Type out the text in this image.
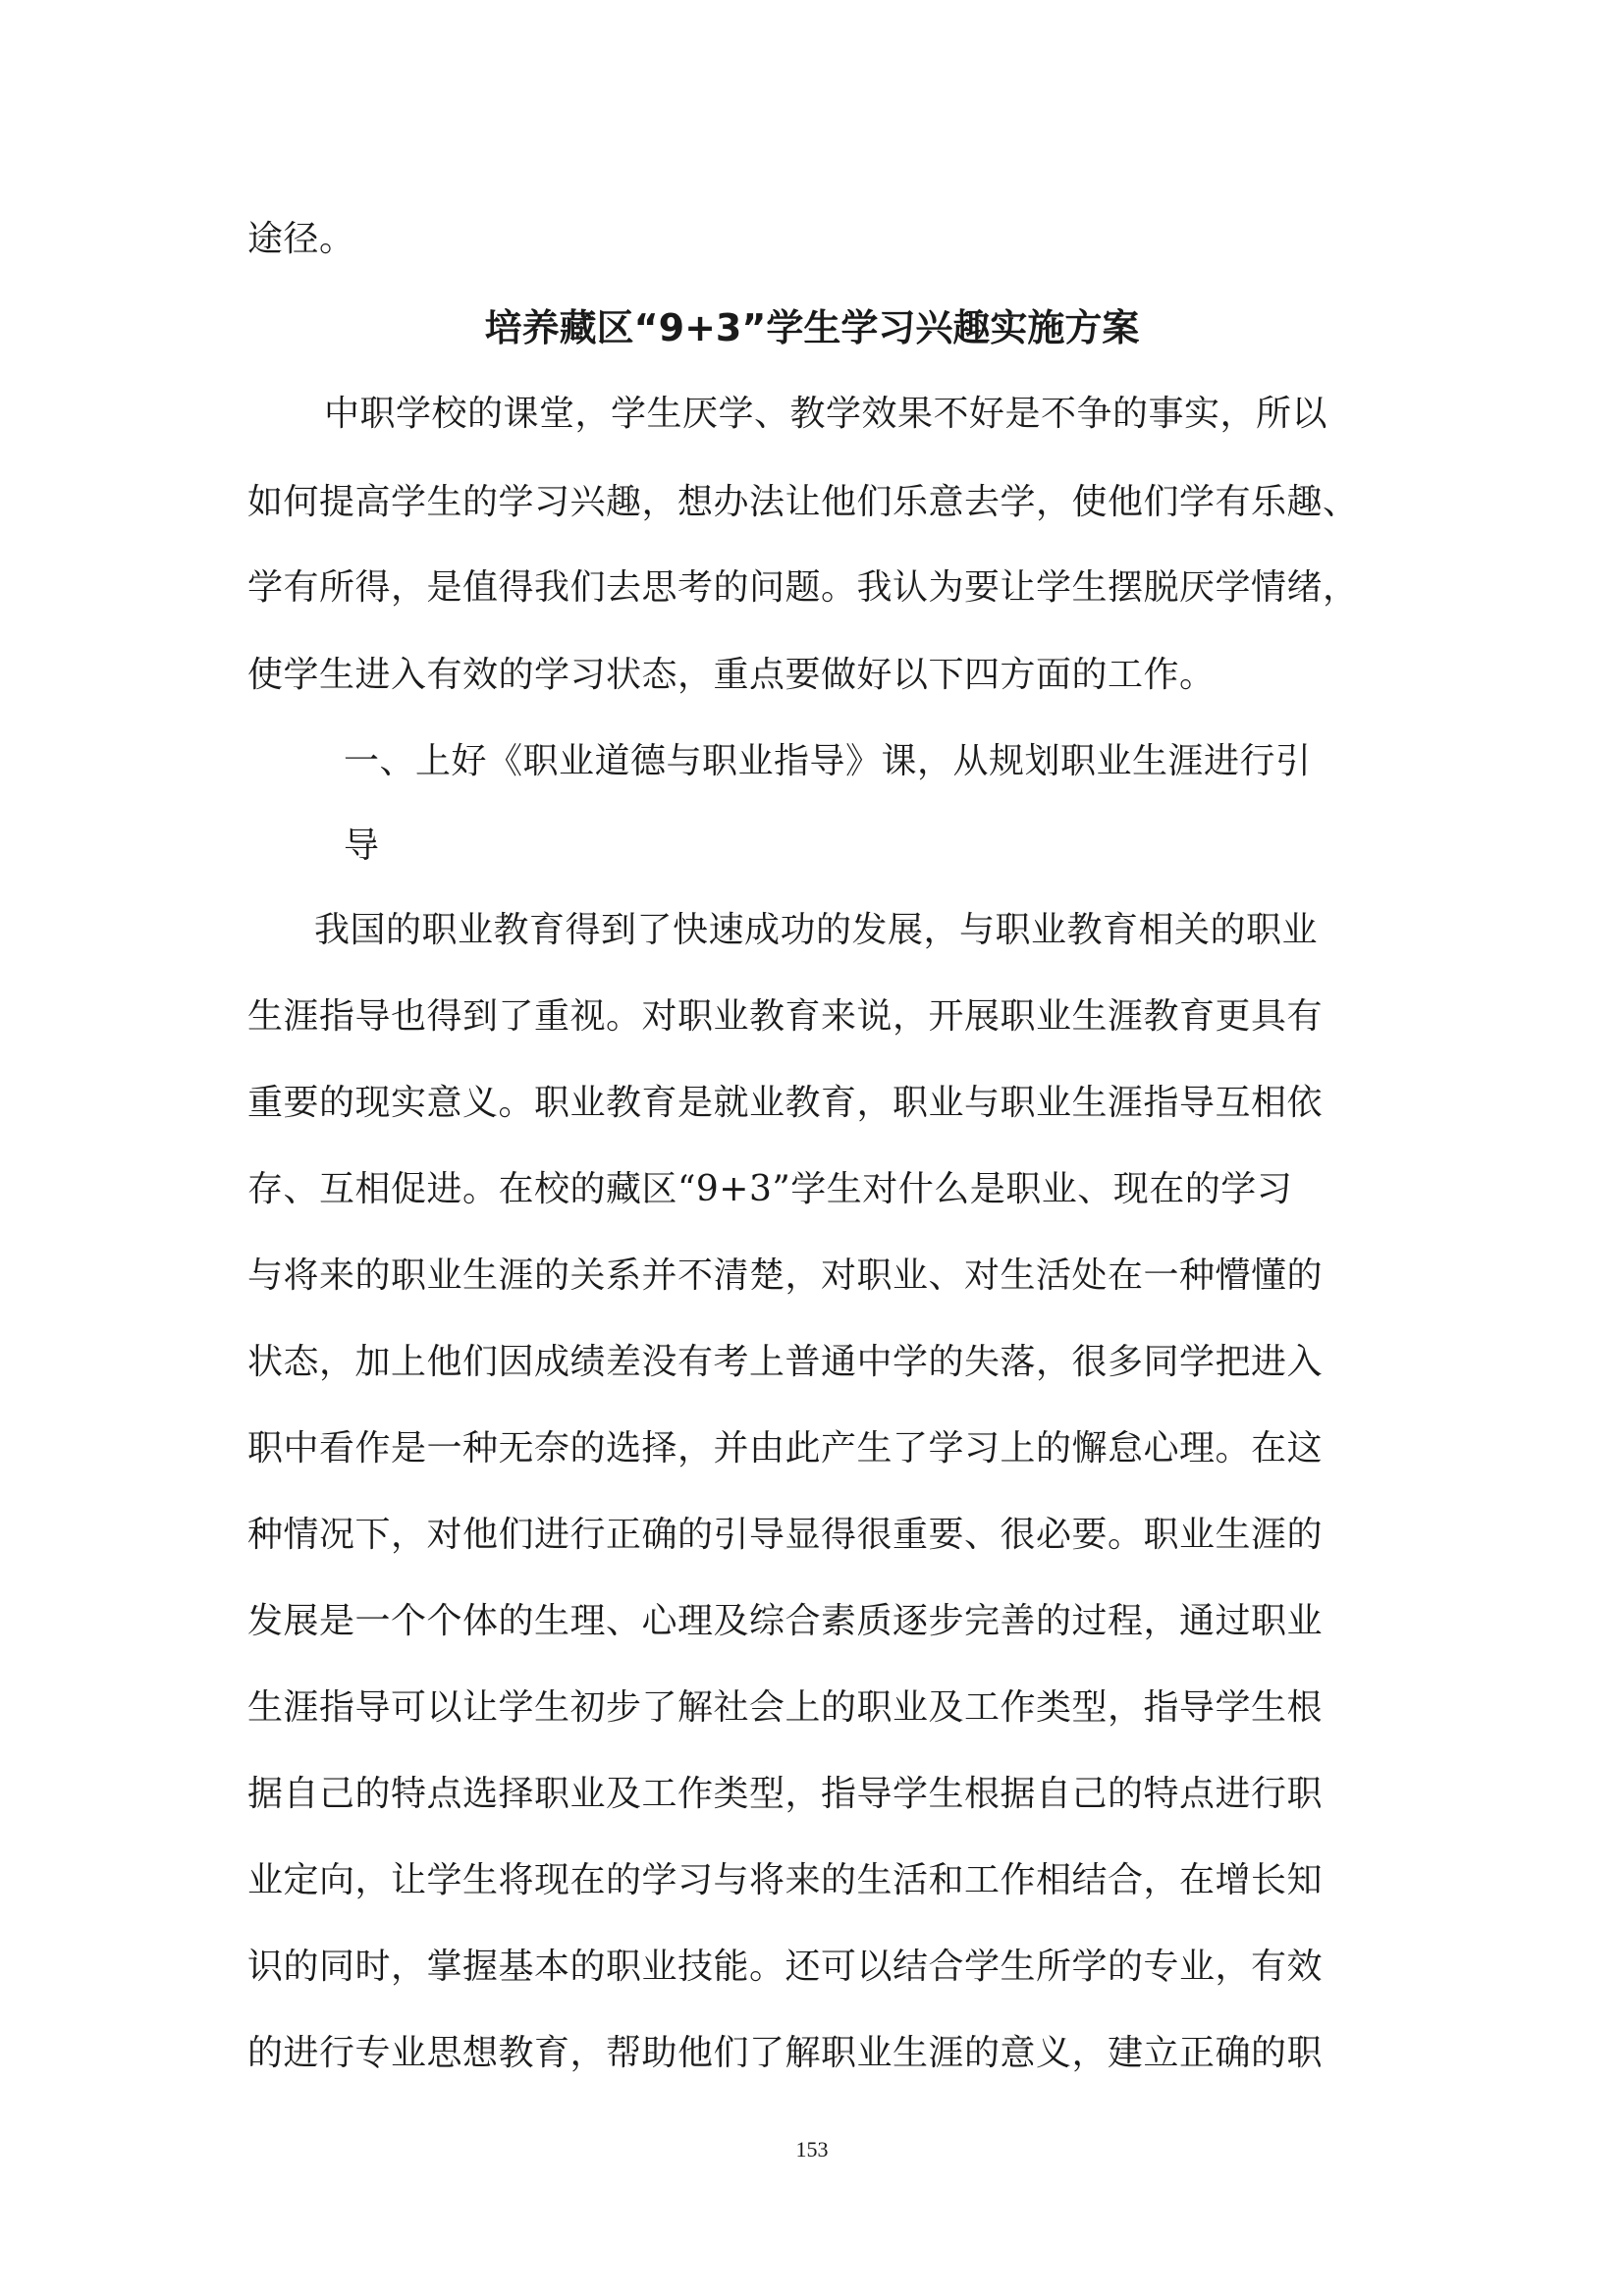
途径。
培养藏区“9+3”学生学习兴趣实施方案
中职学校的课堂，学生厌学、教学效果不好是不争的事实，所以
如何提高学生的学习兴趣，想办法让他们乐意去学，使他们学有乐趣、
学有所得，是值得我们去思考的问题。我认为要让学生摆脱厌学情绪，
使学生进入有效的学习状态，重点要做好以下四方面的工作。
一、上好《职业道德与职业指导》课，从规划职业生涯进行引
导
我国的职业教育得到了快速成功的发展，与职业教育相关的职业
生涯指导也得到了重视。对职业教育来说，开展职业生涯教育更具有
重要的现实意义。职业教育是就业教育，职业与职业生涯指导互相依
存、互相促进。在校的藏区“9+3”学生对什么是职业、现在的学习
与将来的职业生涯的关系并不清楚，对职业、对生活处在一种懵懂的
状态，加上他们因成绩差没有考上普通中学的失落，很多同学把进入
职中看作是一种无奈的选择，并由此产生了学习上的懈怠心理。在这
种情况下，对他们进行正确的引导显得很重要、很必要。职业生涯的
发展是一个个体的生理、心理及综合素质逐步完善的过程，通过职业
生涯指导可以让学生初步了解社会上的职业及工作类型，指导学生根
据自己的特点选择职业及工作类型，指导学生根据自己的特点进行职
业定向，让学生将现在的学习与将来的生活和工作相结合，在增长知
识的同时，掌握基本的职业技能。还可以结合学生所学的专业，有效
的进行专业思想教育，帮助他们了解职业生涯的意义，建立正确的职
153
